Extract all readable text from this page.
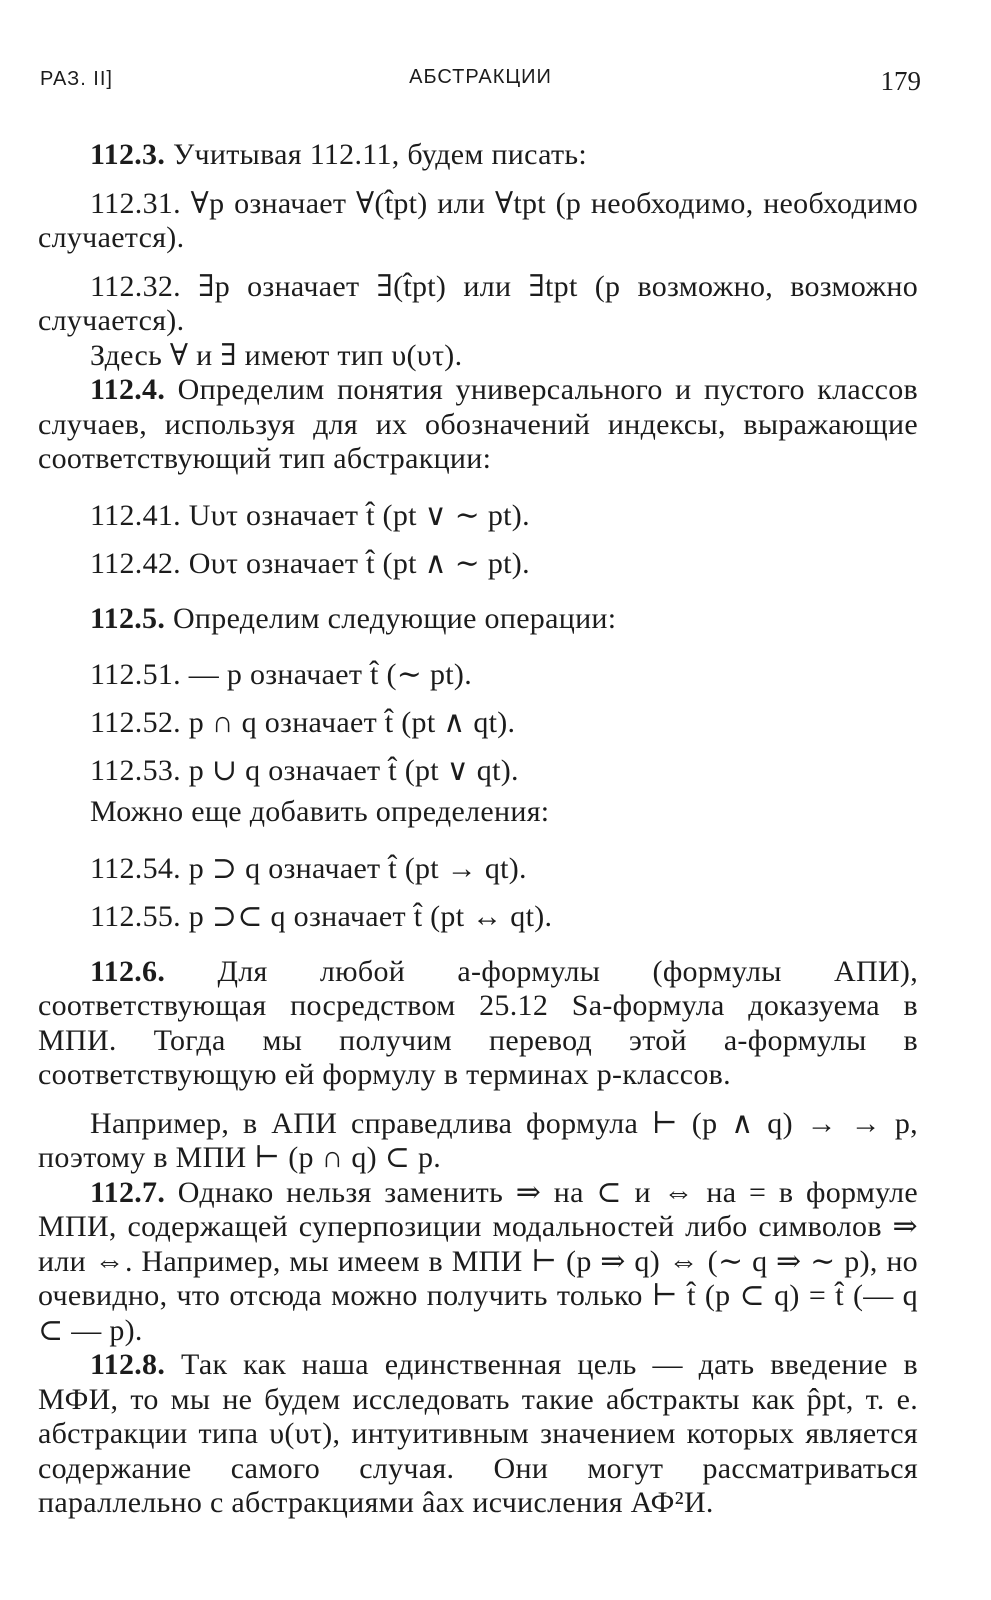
РАЗ. II]	АБСТРАКЦИИ	179

112.3. Учитывая 112.11, будем писать:

112.31. ∀p означает ∀(t̂pt) или ∀tpt (p необходимо, необходимо случается).

112.32. ∃p означает ∃(t̂pt) или ∃tpt (p возможно, возможно случается).

Здесь ∀ и ∃ имеют тип υ(υτ).

112.4. Определим понятия универсального и пустого классов случаев, используя для их обозначений индексы, выражающие соответствующий тип абстракции:

112.41. Uυτ означает t̂ (pt ∨ ∼ pt).

112.42. Oυτ означает t̂ (pt ∧ ∼ pt).

112.5. Определим следующие операции:

112.51. — p означает t̂ (∼ pt).

112.52. p ∩ q означает t̂ (pt ∧ qt).

112.53. p ∪ q означает t̂ (pt ∨ qt).

Можно еще добавить определения:

112.54. p ⊃ q означает t̂ (pt → qt).

112.55. p ⊃⊂ q означает t̂ (pt ↔ qt).

112.6. Для любой a-формулы (формулы АПИ), соответствующая посредством 25.12 Sa-формула доказуема в МПИ. Тогда мы получим перевод этой a-формулы в соответствующую ей формулу в терминах p-классов.

Например, в АПИ справедлива формула ⊢ (p ∧ q) → → p, поэтому в МПИ ⊢ (p ∩ q) ⊂ p.

112.7. Однако нельзя заменить ⇒ на ⊂ и ⇔ на = в формуле МПИ, содержащей суперпозиции модальностей либо символов ⇒ или ⇔. Например, мы имеем в МПИ ⊢ (p ⇒ q) ⇔ (∼ q ⇒ ∼ p), но очевидно, что отсюда можно получить только ⊢ t̂ (p ⊂ q) = t̂ (— q ⊂ — p).

112.8. Так как наша единственная цель — дать введение в МФИ, то мы не будем исследовать такие абстракты как p̂pt, т. е. абстракции типа υ(υτ), интуитивным значением которых является содержание самого случая. Они могут рассматриваться параллельно с абстракциями âax исчисления АФ²И.
